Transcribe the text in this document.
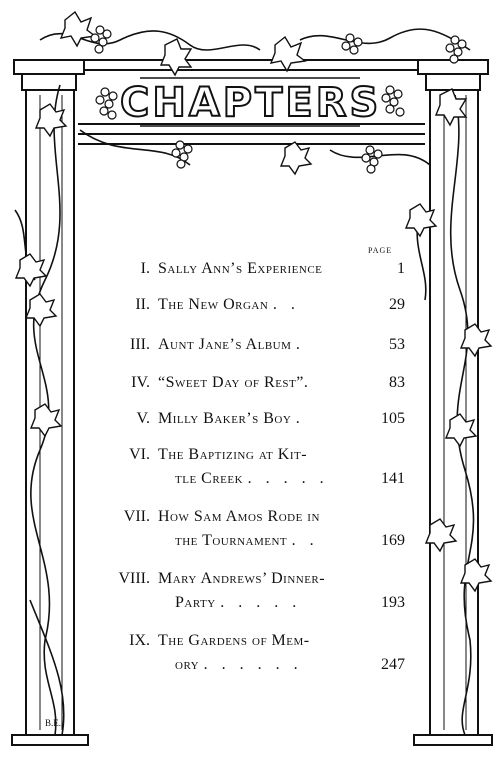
CHAPTERS
PAGE
I. Sally Ann’s Experience	1
II. The New Organ . .	29
III. Aunt Jane’s Album .	53
IV. “Sweet Day of Rest”.	83
V. Milly Baker’s Boy .	105
VI. The Baptizing at Kit-
tle Creek . . . . .	141
VII. How Sam Amos Rode in
the Tournament . .	169
VIII. Mary Andrews’ Dinner-
Party . . . . .	193
IX. The Gardens of Mem-
ory . . . . . .	247
B.E.
